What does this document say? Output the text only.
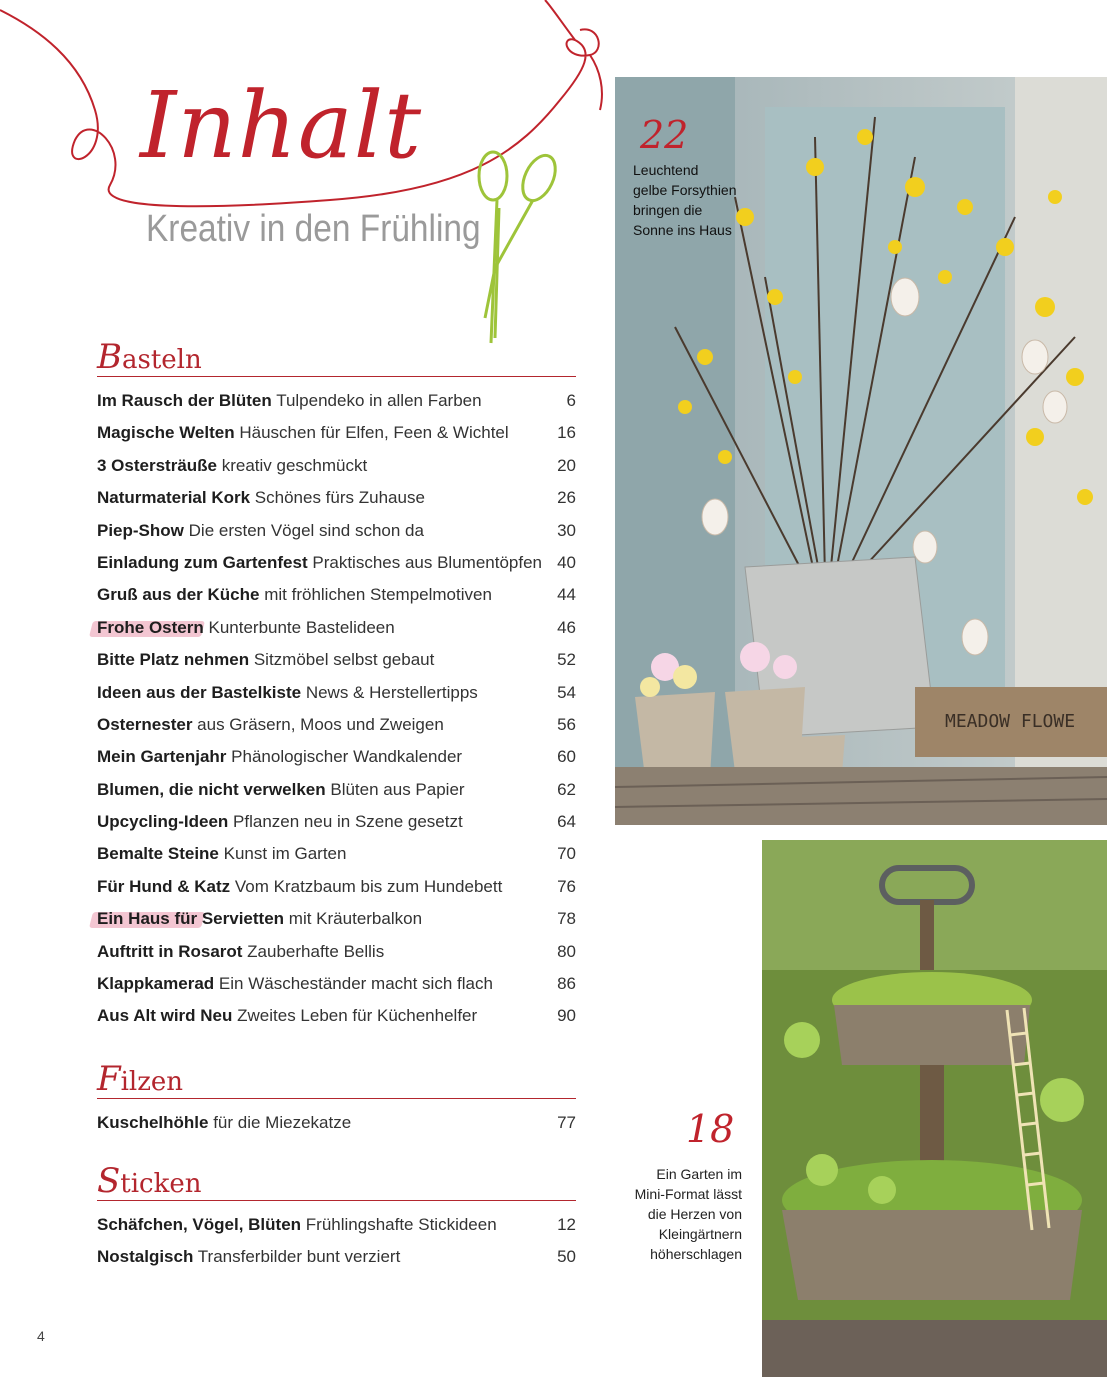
Inhalt
Kreativ in den Frühling
Basteln
Im Rausch der Blüten Tulpendeko in allen Farben	6
Magische Welten Häuschen für Elfen, Feen & Wichtel	16
3 Ostersträuße kreativ geschmückt	20
Naturmaterial Kork Schönes fürs Zuhause	26
Piep-Show Die ersten Vögel sind schon da	30
Einladung zum Gartenfest Praktisches aus Blumentöpfen 40
Gruß aus der Küche mit fröhlichen Stempelmotiven	44
Frohe Ostern Kunterbunte Bastelideen	46
Bitte Platz nehmen Sitzmöbel selbst gebaut	52
Ideen aus der Bastelkiste News & Herstellertipps	54
Osternester aus Gräsern, Moos und Zweigen	56
Mein Gartenjahr Phänologischer Wandkalender	60
Blumen, die nicht verwelken Blüten aus Papier	62
Upcycling-Ideen Pflanzen neu in Szene gesetzt	64
Bemalte Steine Kunst im Garten	70
Für Hund & Katz Vom Kratzbaum bis zum Hundebett	76
Ein Haus für Servietten mit Kräuterbalkon	78
Auftritt in Rosarot Zauberhafte Bellis	80
Klappkamerad Ein Wäscheständer macht sich flach	86
Aus Alt wird Neu Zweites Leben für Küchenhelfer	90
Filzen
Kuschelhöhle für die Miezekatze	77
Sticken
Schäfchen, Vögel, Blüten Frühlingshafte Stickideen	12
Nostalgisch Transferbilder bunt verziert	50
MEADOW FLOWE
22
Leuchtend
gelbe Forsythien
bringen die
Sonne ins Haus
18
Ein Garten im
Mini-Format lässt
die Herzen von
Kleingärtnern
höherschlagen
4
